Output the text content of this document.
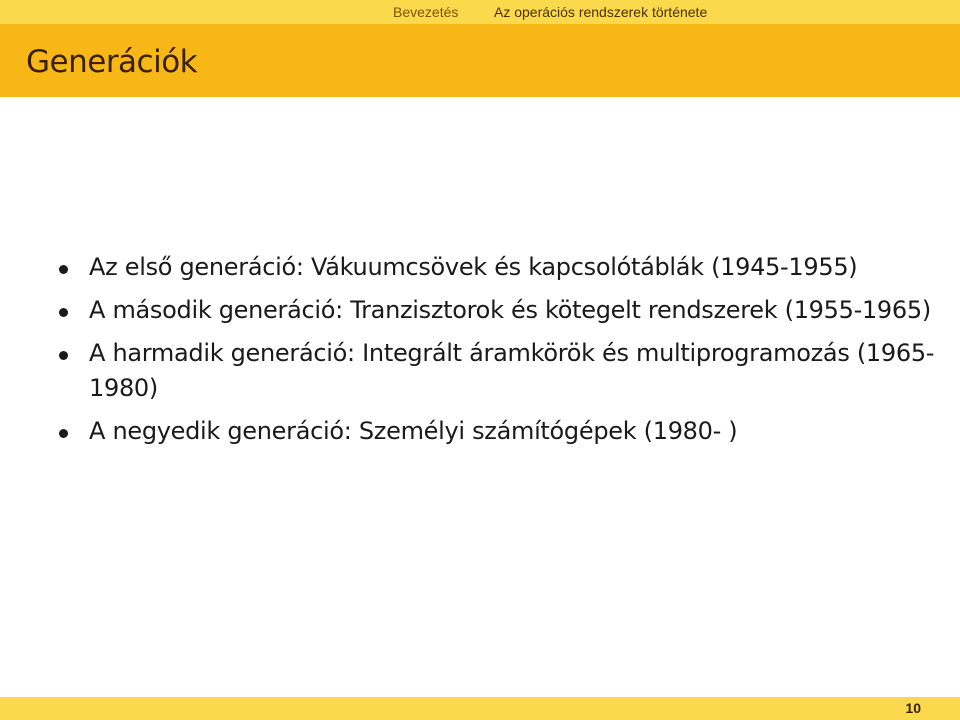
Bevezetés	Az operációs rendszerek története
Generációk
Az első generáció: Vákuumcsövek és kapcsolótáblák (1945-1955)
A második generáció: Tranzisztorok és kötegelt rendszerek (1955-1965)
A harmadik generáció: Integrált áramkörök és multiprogramozás (1965-1980)
A negyedik generáció: Személyi számítógépek (1980- )
10
